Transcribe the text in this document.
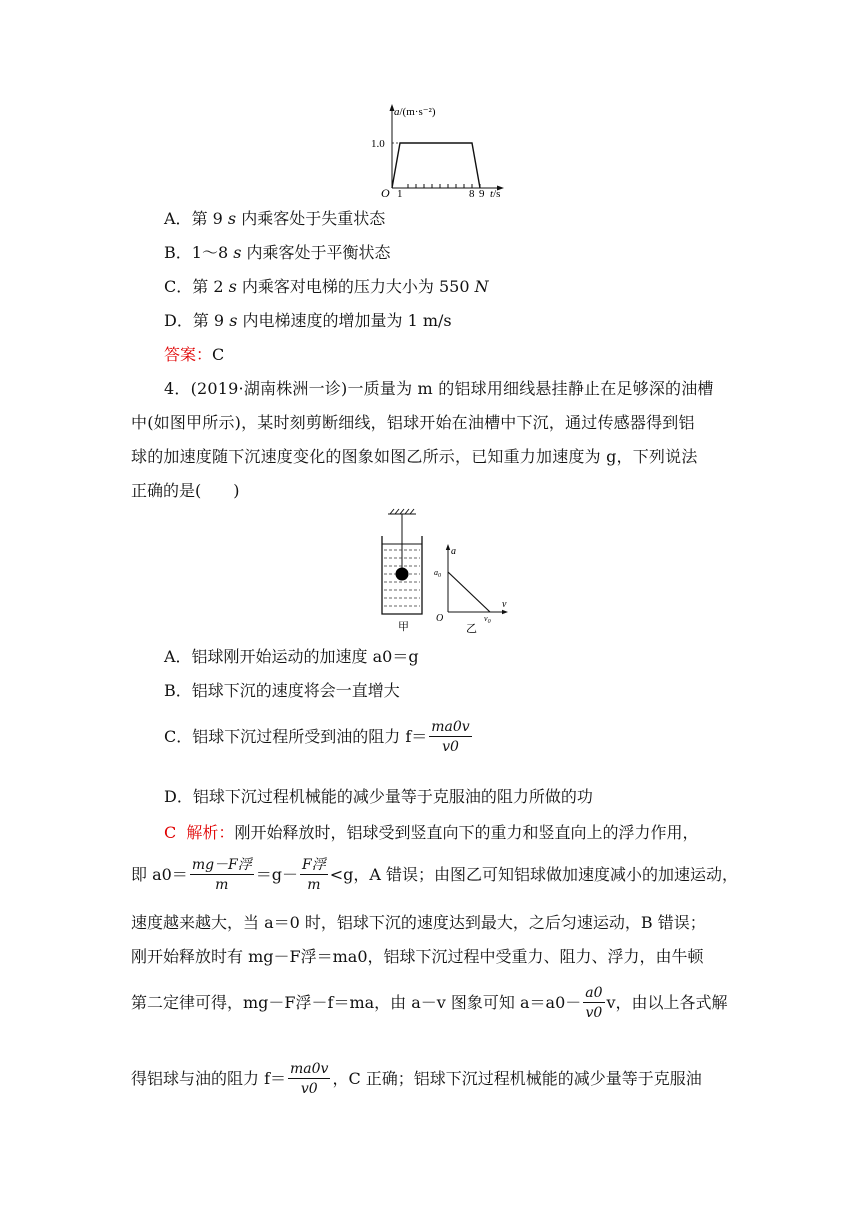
a/(m·s⁻²)
1.0
O 1	8 9 t/s
A．第 9 s 内乘客处于失重状态
B．1～8 s 内乘客处于平衡状态
C．第 2 s 内乘客对电梯的压力大小为 550 N
D．第 9 s 内电梯速度的增加量为 1 m/s
答案：C
4．(2019·湖南株洲一诊)一质量为 m 的铝球用细线悬挂静止在足够深的油槽
中(如图甲所示)，某时刻剪断细线，铝球开始在油槽中下沉，通过传感器得到铝
球的加速度随下沉速度变化的图象如图乙所示，已知重力加速度为 g，下列说法
正确的是(　　)
甲
a
v
$a_0$
O	$v_0$
乙
A．铝球刚开始运动的加速度 a0＝g
B．铝球下沉的速度将会一直增大
C．铝球下沉过程所受到油的阻力 $f= \frac{ma0v}{v0}$
D．铝球下沉过程机械能的减少量等于克服油的阻力所做的功
C 解析：刚开始释放时，铝球受到竖直向下的重力和竖直向上的浮力作用，
即 $a0= \frac{\text{mg－F浮}}{m} =g- \frac{\text{F浮}}{m} <g$，A 错误；由图乙可知铝球做加速度减小的加速运动，
速度越来越大，当 a＝0 时，铝球下沉的速度达到最大，之后匀速运动，B 错误；
刚开始释放时有 mg－F浮＝ma0，铝球下沉过程中受重力、阻力、浮力，由牛顿
第二定律可得，mg－F浮－f＝ma，由 a－v 图象可知 $a=a0- \frac{a0}{v0}$ v，由以上各式解
得铝球与油的阻力 $f= \frac{ma0v}{v0}$ ，C 正确；铝球下沉过程机械能的减少量等于克服油
